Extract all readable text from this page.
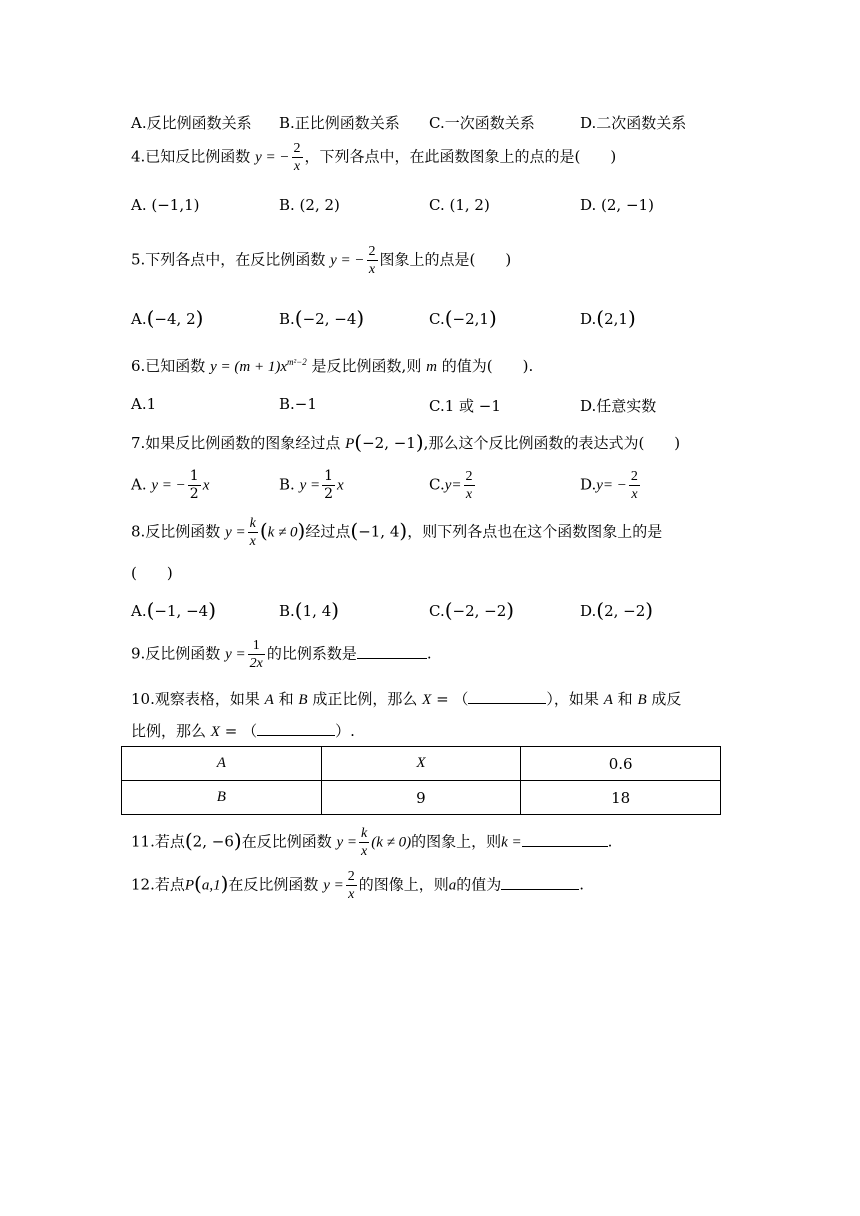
A.反比例函数关系 B.正比例函数关系 C.一次函数关系	D.二次函数关系
4.已知反比例函数 y = − $\frac{2}{x}$ ，下列各点中，在此函数图象上的点的是(　　)
A. (−1,1)	B. (2, 2)	C. (1, 2)	D. (2, −1)
5.下列各点中，在反比例函数 y = − $\frac{2}{x}$ 图象上的点是(　　)
A.(−4, 2)	B.(−2, −4)	C.(−2,1)	D.(2,1)
6.已知函数 $y = (m + 1)x^{m^2-2}$ 是反比例函数,则 m 的值为(　　).
A.1	B.−1	C.1 或 −1	D.任意实数
7.如果反比例函数的图象经过点 P(−2, −1),那么这个反比例函数的表达式为(　　)
A. y = − $\frac{1}{2}$ x	B. $y = \frac{1}{2}$ x	$C.y= \frac{2}{x}$	$D.y= - \frac{2}{x}$
8.反比例函数 $y = \frac{k}{x} (k \ne 0)$经过点(−1, 4)，则下列各点也在这个函数图象上的是
(　　)
A.(−1, −4)	B.(1, 4)	C.(−2, −2)	D.(2, −2)
9.反比例函数 $y = \frac{1}{2x}$ 的比例系数是	.
10.观察表格，如果 A 和 B 成正比例，那么 X = （	），如果 A 和 B 成反
比例，那么 X = （	）.
A	X	0.6
B	9	18
11.若点(2, −6)在反比例函数 $y = \frac{k}{x} (k \ne 0)$的图象上，则k =	.
12.若点P(a,1)在反比例函数 $y = \frac{2}{x}$ 的图像上，则a的值为	.
